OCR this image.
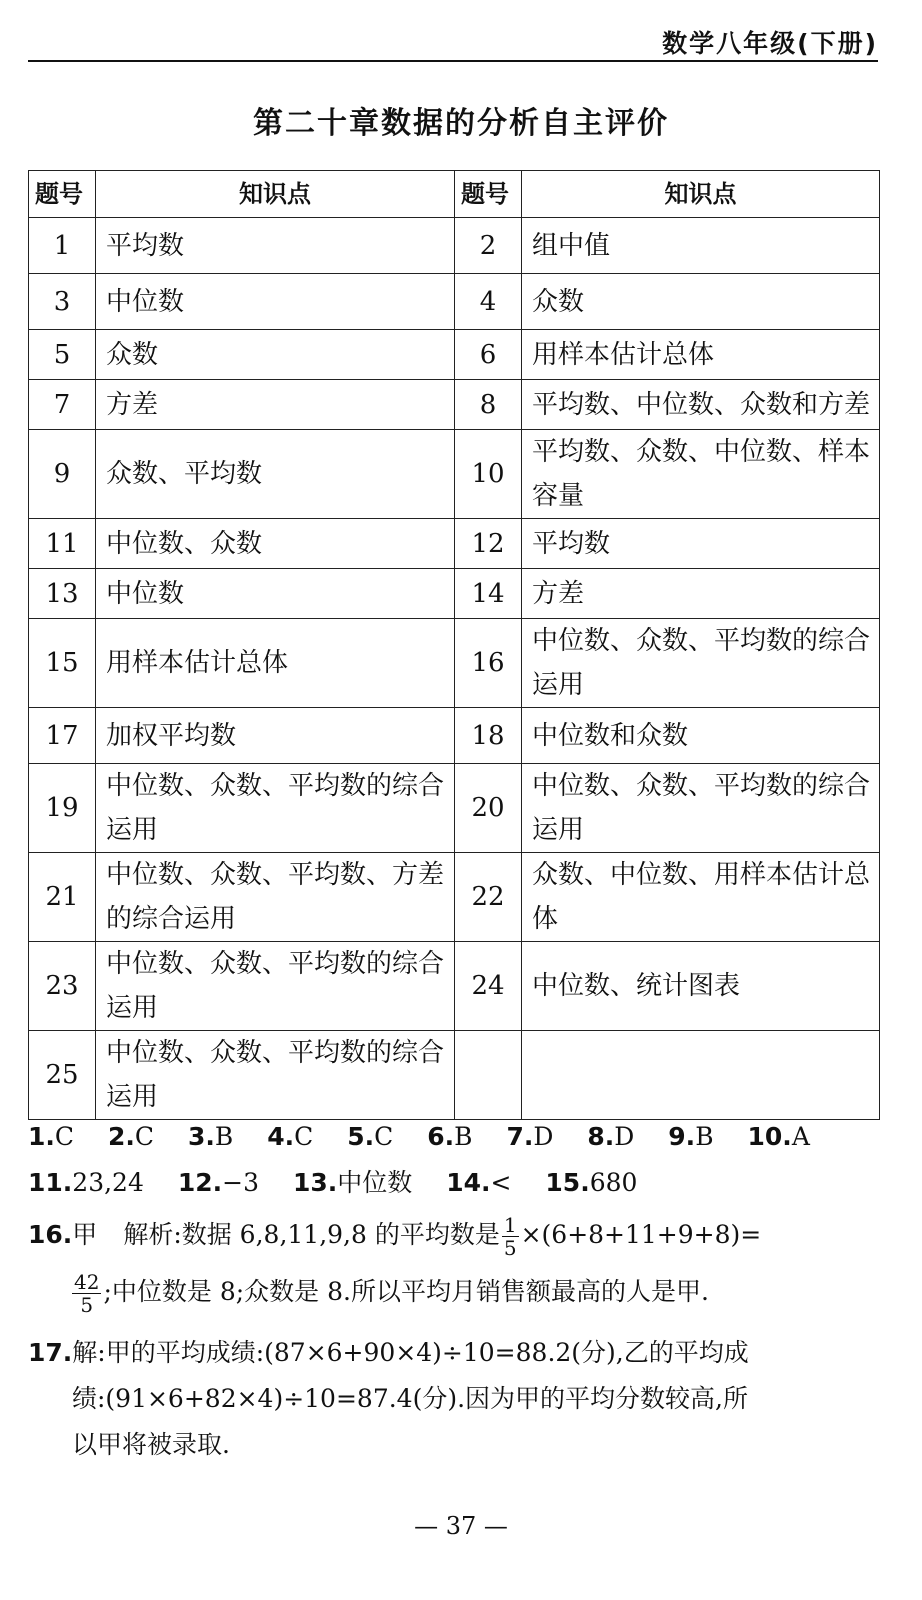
数学八年级(下册)
第二十章数据的分析自主评价
题号	知识点	题号	知识点
1	平均数	2	组中值
3	中位数	4	众数
5	众数	6	用样本估计总体
7	方差	8	平均数、中位数、众数和方差
9	众数、平均数	10	平均数、众数、中位数、样本容量
11	中位数、众数	12	平均数
13	中位数	14	方差
15	用样本估计总体	16	中位数、众数、平均数的综合运用
17	加权平均数	18	中位数和众数
19	中位数、众数、平均数的综合运用	20	中位数、众数、平均数的综合运用
21	中位数、众数、平均数、方差的综合运用	22	众数、中位数、用样本估计总体
23	中位数、众数、平均数的综合运用	24	中位数、统计图表
25	中位数、众数、平均数的综合运用		
1.C 2.C 3.B 4.C 5.C 6.B 7.D 8.D 9.B 10.A
11.23,24 12.−3 13.中位数 14.< 15.680
16.甲 解析:数据 6,8,11,9,8 的平均数是 $\frac{1}{5} \times(6+8+11+9+8)=$
$\frac{42}{5}$ ;中位数是 8;众数是 8.所以平均月销售额最高的人是甲.
17.解:甲的平均成绩:(87×6+90×4)÷10=88.2(分),乙的平均成
绩:(91×6+82×4)÷10=87.4(分).因为甲的平均分数较高,所
以甲将被录取.
— 37 —
